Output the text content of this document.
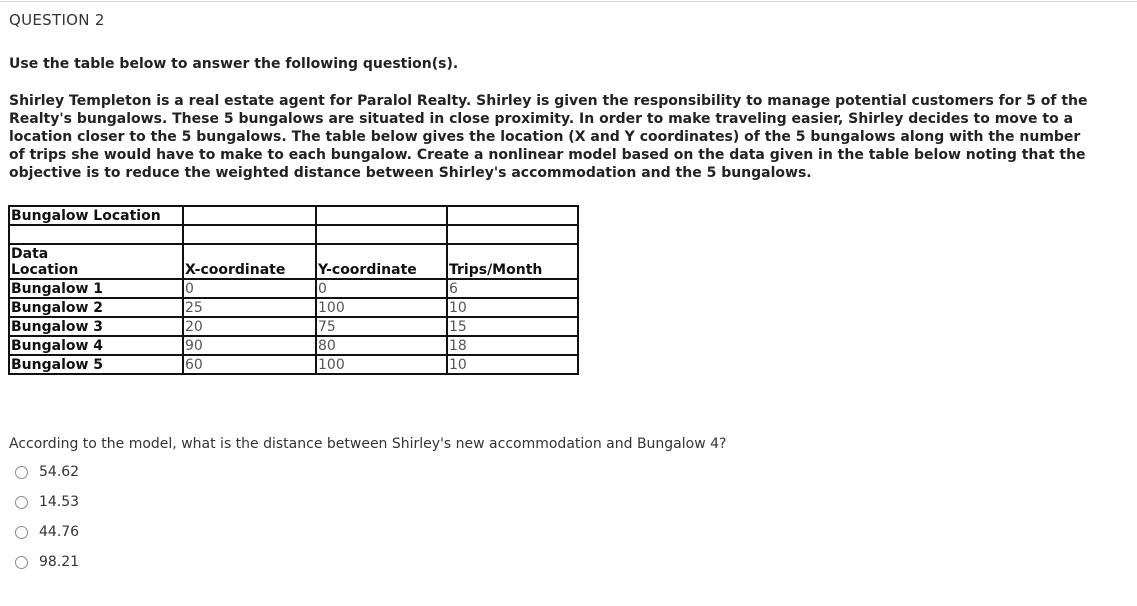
QUESTION 2
Use the table below to answer the following question(s).
Shirley Templeton is a real estate agent for Paralol Realty. Shirley is given the responsibility to manage potential customers for 5 of the Realty's bungalows. These 5 bungalows are situated in close proximity. In order to make traveling easier, Shirley decides to move to a location closer to the 5 bungalows. The table below gives the location (X and Y coordinates) of the 5 bungalows along with the number of trips she would have to make to each bungalow. Create a nonlinear model based on the data given in the table below noting that the objective is to reduce the weighted distance between Shirley's accommodation and the 5 bungalows.
Bungalow Location			

Data
Location	X-coordinate	Y-coordinate	Trips/Month
Bungalow 1	0	0	6
Bungalow 2	25	100	10
Bungalow 3	20	75	15
Bungalow 4	90	80	18
Bungalow 5	60	100	10
According to the model, what is the distance between Shirley's new accommodation and Bungalow 4?
54.62
14.53
44.76
98.21
